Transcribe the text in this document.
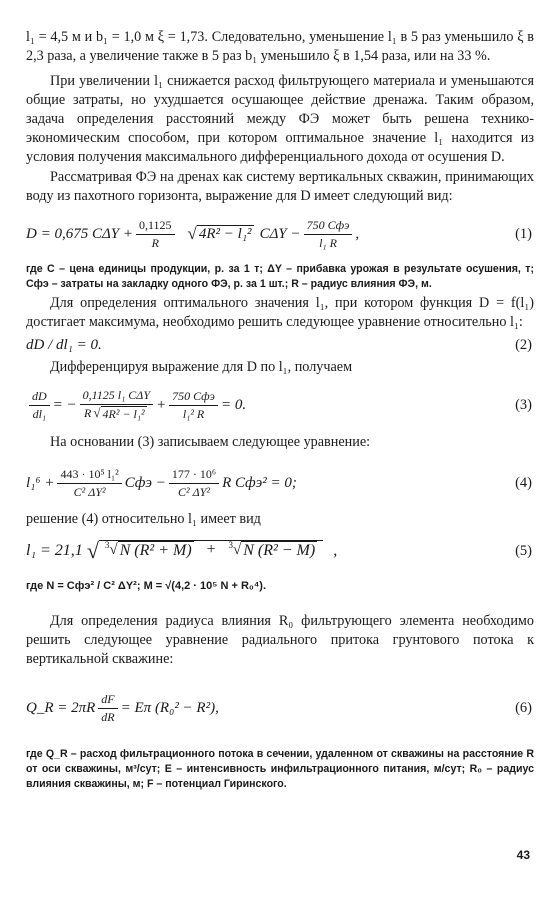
l₁ = 4,5 м и b₁ = 1,0 м ξ = 1,73. Следовательно, уменьшение l₁ в 5 раз уменьшило ξ в 2,3 раза, а увеличение также в 5 раз b₁ уменьшило ξ в 1,54 раза, или на 33 %.

При увеличении l₁ снижается расход фильтрующего материала и уменьшаются общие затраты, но ухудшается осушающее действие дренажа. Таким образом, задача определения расстояний между ФЭ может быть решена технико-экономическим способом, при котором оптимальное значение l₁ находится из условия получения максимального дифференциального дохода от осушения D.

Рассматривая ФЭ на дренах как систему вертикальных скважин, принимающих воду из пахотного горизонта, выражение для D имеет следующий вид:

D = 0,675 $C\Delta Y + \frac{0,1125}{R}$ √ 4R² − l₁² $C\Delta Y - \frac{\text{750 Cфэ}}{\text{l₁ R}}$ ,	(1)

где C – цена единицы продукции, р. за 1 т; ΔY – прибавка урожая в результате осушения, т; Cфэ – затраты на закладку одного ФЭ, р. за 1 шт.; R – радиус влияния ФЭ, м.

Для определения оптимального значения l₁, при котором функция D = f(l₁) достигает максимума, необходимо решить следующее уравнение относительно l₁:

dD / dl₁ = 0.	(2)

Дифференцируя выражение для D по l₁, получаем

$\frac{dD}{\text{dl₁}}$ = − $\frac{\text{0,1125 l₁ CΔY}}{\text{R √ 4R² − l₁²}} + \frac{\text{750 Cфэ}}{\text{l₁² R}} = 0$.	(3)

На основании (3) записываем следующее уравнение:

$l_1^6 + \frac{\text{443 · 10⁵ l₁²}}{\text{C² ΔY²}}$ Cфэ − $\frac{\text{177 · 10⁶}}{\text{C² ΔY²}}$ R Cфэ² = 0;	(4)

решение (4) относительно l₁ имеет вид

l₁ = 21,1 √ $^3$√ N (R² + M) + $^3$√ N (R² − M) ,	(5)

где N = Cфэ² / C² ΔY²; M = √(4,2 · 10⁵ N + R₀⁴).

Для определения радиуса влияния R₀ фильтрующего элемента необходимо решить следующее уравнение радиального притока грунтового потока к вертикальной скважине:

Q_R = $2\pi R \frac{dF}{dR} = E\pi$ (R₀² − R²),	(6)

где Q_R – расход фильтрационного потока в сечении, удаленном от скважины на расстояние R от оси скважины, м³/сут; E – интенсивность инфильтрационного питания, м/сут; R₀ – радиус влияния скважины, м; F – потенциал Гиринского.

43
